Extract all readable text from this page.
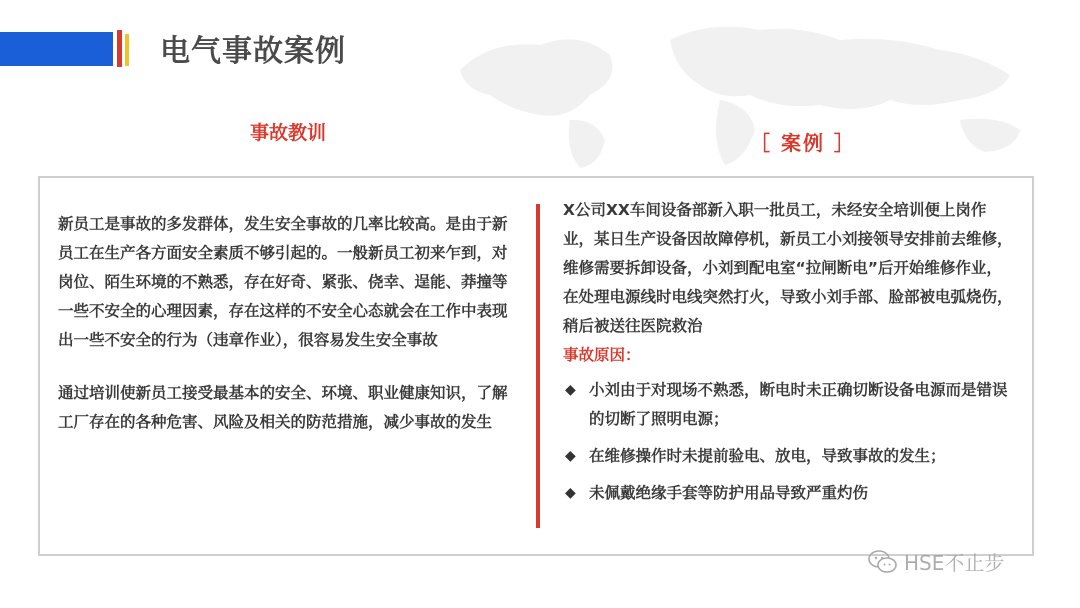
电气事故案例
事故教训	［ 案例 ］

新员工是事故的多发群体，发生安全事故的几率比较高。是由于新员工在生产各方面安全素质不够引起的。一般新员工初来乍到，对岗位、陌生环境的不熟悉，存在好奇、紧张、侥幸、逞能、莽撞等一些不安全的心理因素，存在这样的不安全心态就会在工作中表现出一些不安全的行为（违章作业），很容易发生安全事故

通过培训使新员工接受最基本的安全、环境、职业健康知识，了解工厂存在的各种危害、风险及相关的防范措施，减少事故的发生

X公司XX车间设备部新入职一批员工，未经安全培训便上岗作业，某日生产设备因故障停机，新员工小刘接领导安排前去维修，维修需要拆卸设备，小刘到配电室“拉闸断电”后开始维修作业，在处理电源线时电线突然打火，导致小刘手部、脸部被电弧烧伤，稍后被送往医院救治

事故原因：

◆ 小刘由于对现场不熟悉，断电时未正确切断设备电源而是错误的切断了照明电源；
◆ 在维修操作时未提前验电、放电，导致事故的发生；
◆ 未佩戴绝缘手套等防护用品导致严重灼伤
HSE不止步
